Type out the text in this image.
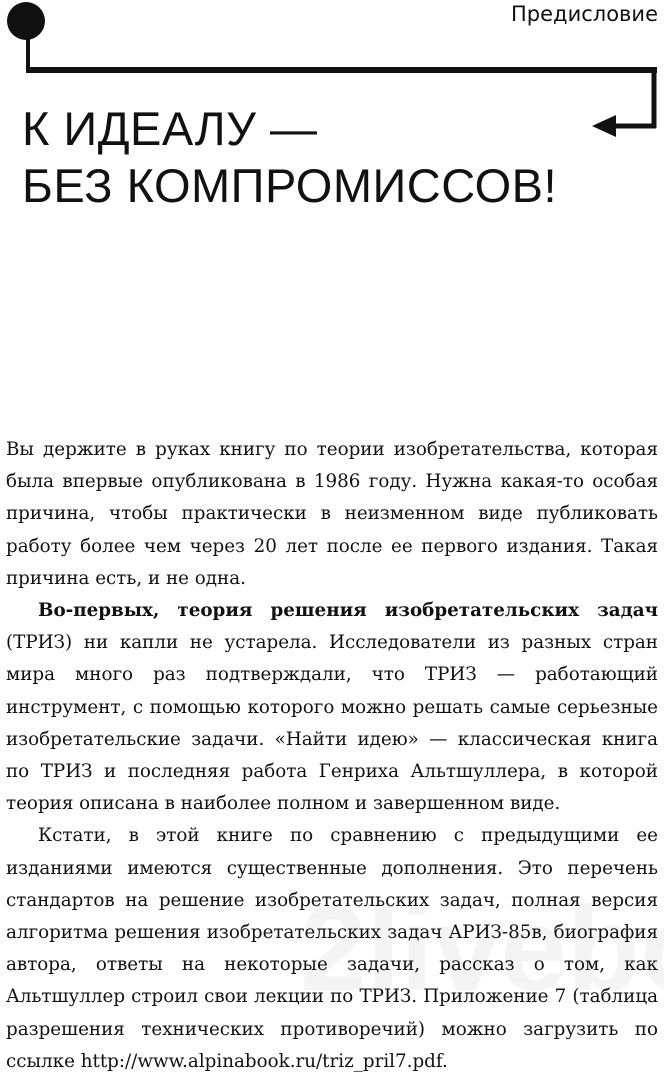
Предисловие
К ИДЕАЛУ —
БЕЗ КОМПРОМИССОВ!

Вы держите в руках книгу по теории изобретательства, которая была впервые опубликована в 1986 году. Нужна какая-то особая причина, чтобы практически в неизменном виде публиковать работу более чем через 20 лет после ее первого издания. Такая причина есть, и не одна.

Во-первых, теория решения изобретательских задач (ТРИЗ) ни капли не устарела. Исследователи из разных стран мира много раз подтверждали, что ТРИЗ — работающий инструмент, с помощью которого можно решать самые серьезные изобретательские задачи. «Найти идею» — классическая книга по ТРИЗ и последняя работа Генриха Альтшуллера, в которой теория описана в наиболее полном и завершенном виде.

Кстати, в этой книге по сравнению с предыдущими ее изданиями имеются существенные дополнения. Это перечень стандартов на решение изобретательских задач, полная версия алгоритма решения изобретательских задач АРИЗ-85в, биография автора, ответы на некоторые задачи, рассказ о том, как Альтшуллер строил свои лекции по ТРИЗ. Приложение 7 (таблица разрешения технических противоречий) можно загрузить по ссылке http://www.alpinabook.ru/triz_pril7.pdf.
